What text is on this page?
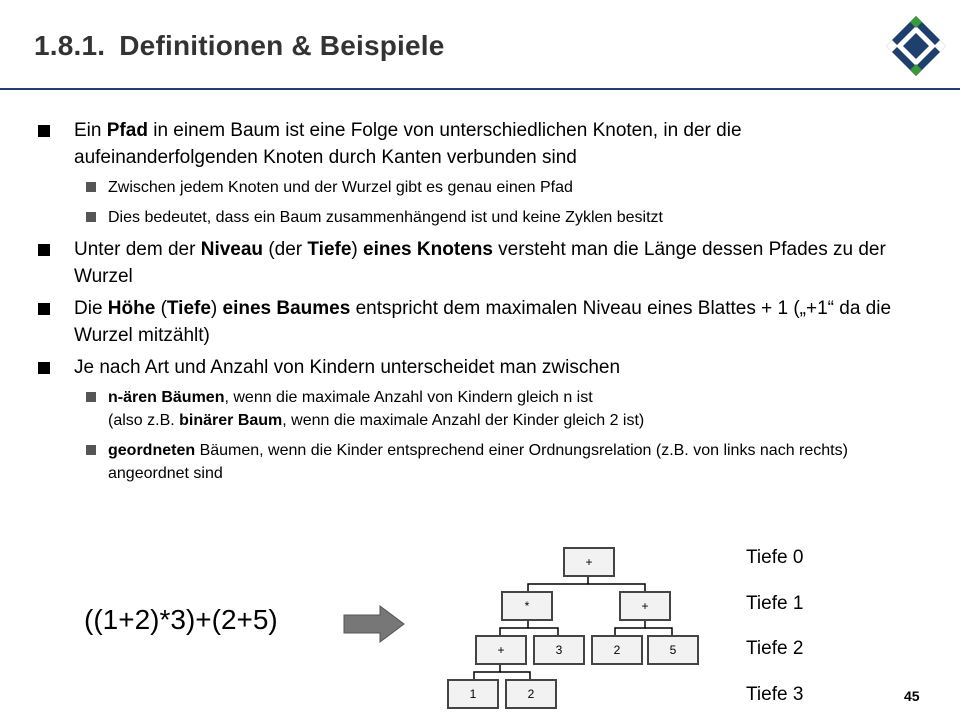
1.8.1. Definitionen & Beispiele
Ein Pfad in einem Baum ist eine Folge von unterschiedlichen Knoten, in der die aufeinanderfolgenden Knoten durch Kanten verbunden sind
Zwischen jedem Knoten und der Wurzel gibt es genau einen Pfad
Dies bedeutet, dass ein Baum zusammenhängend ist und keine Zyklen besitzt
Unter dem der Niveau (der Tiefe) eines Knotens versteht man die Länge dessen Pfades zu der Wurzel
Die Höhe (Tiefe) eines Baumes entspricht dem maximalen Niveau eines Blattes + 1 („+1“ da die Wurzel mitzählt)
Je nach Art und Anzahl von Kindern unterscheidet man zwischen
n-ären Bäumen, wenn die maximale Anzahl von Kindern gleich n ist
(also z.B. binärer Baum, wenn die maximale Anzahl der Kinder gleich 2 ist)
geordneten Bäumen, wenn die Kinder entsprechend einer Ordnungsrelation (z.B. von links nach rechts) angeordnet sind
((1+2)*3)+(2+5)
+
*	+
+	3	2	5
1	2
Tiefe 0
Tiefe 1
Tiefe 2
Tiefe 3	45
